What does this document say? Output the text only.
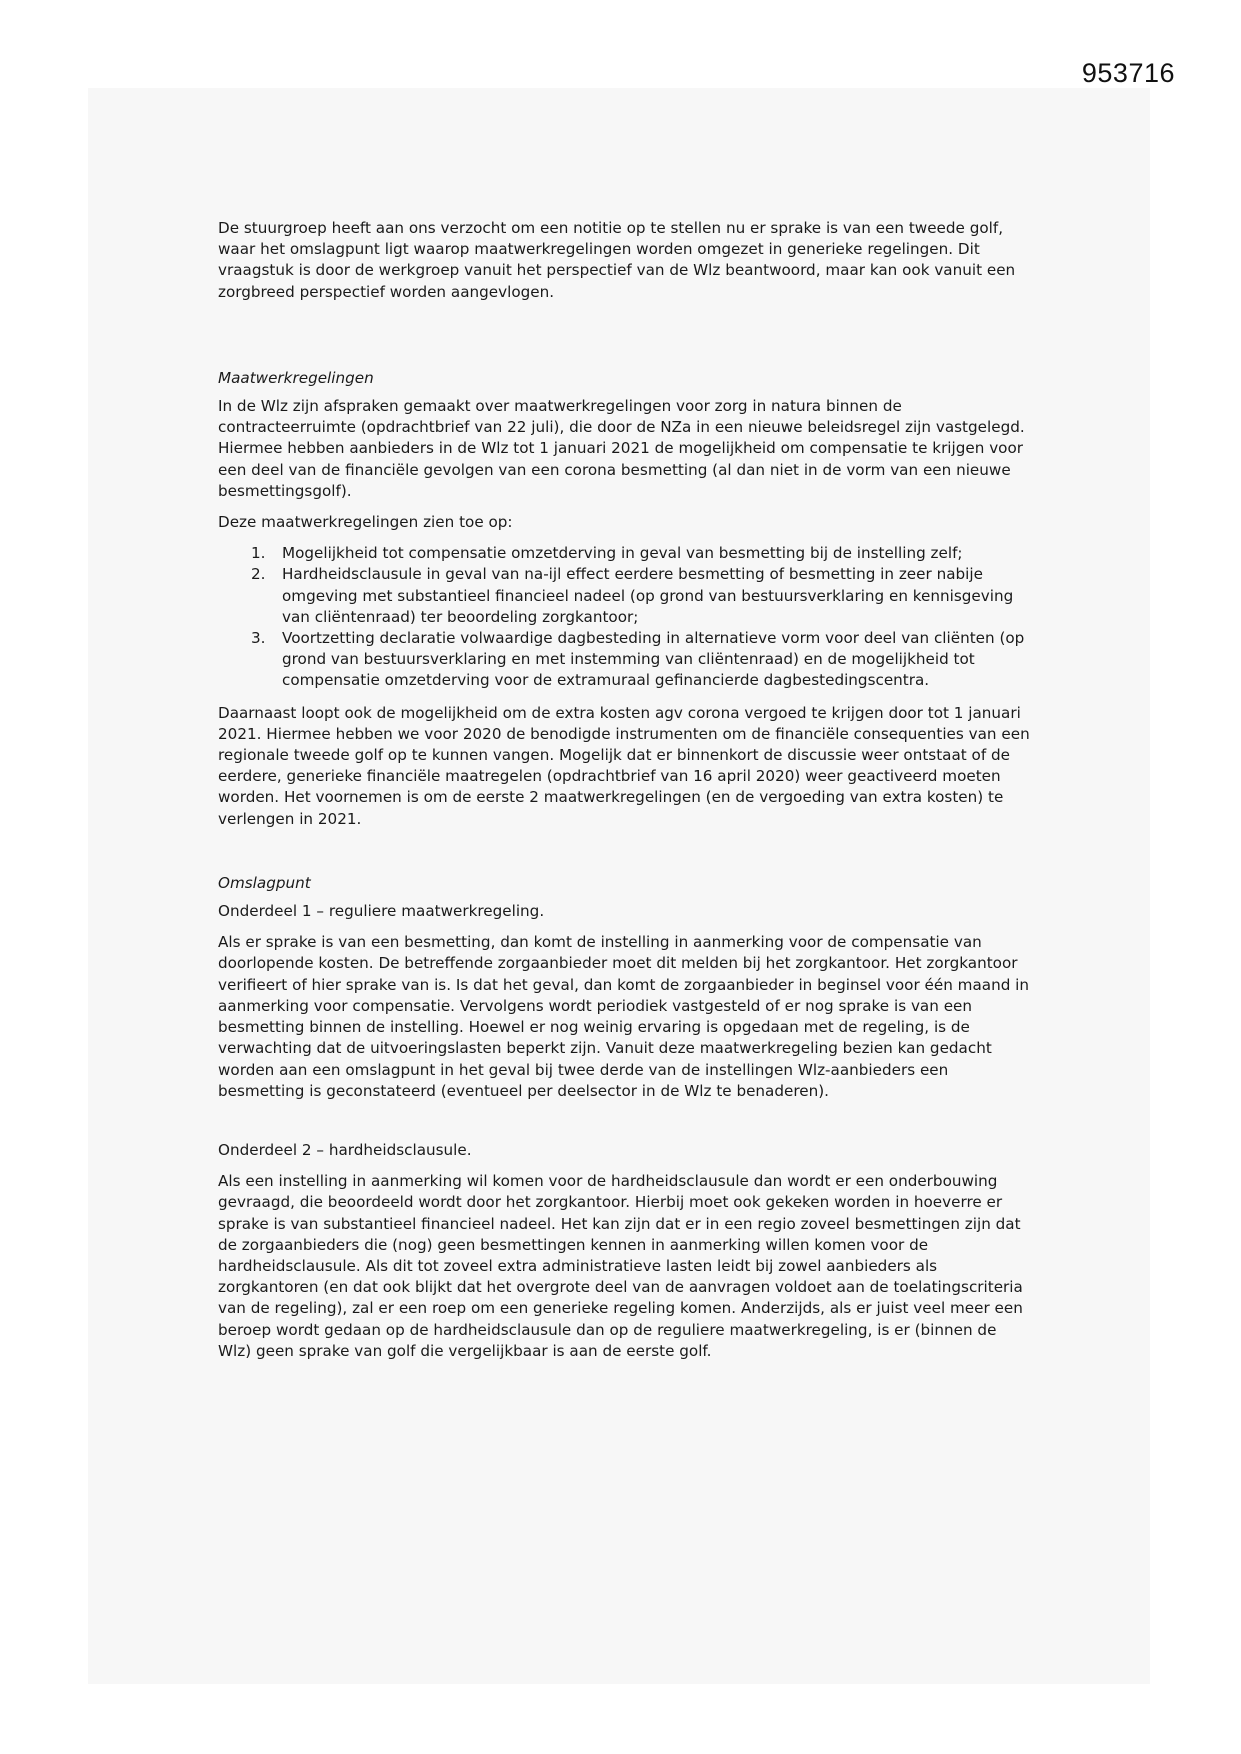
953716

De stuurgroep heeft aan ons verzocht om een notitie op te stellen nu er sprake is van een tweede golf, waar het omslagpunt ligt waarop maatwerkregelingen worden omgezet in generieke regelingen. Dit vraagstuk is door de werkgroep vanuit het perspectief van de Wlz beantwoord, maar kan ook vanuit een zorgbreed perspectief worden aangevlogen.

Maatwerkregelingen

In de Wlz zijn afspraken gemaakt over maatwerkregelingen voor zorg in natura binnen de contracteerruimte (opdrachtbrief van 22 juli), die door de NZa in een nieuwe beleidsregel zijn vastgelegd. Hiermee hebben aanbieders in de Wlz tot 1 januari 2021 de mogelijkheid om compensatie te krijgen voor een deel van de financiële gevolgen van een corona besmetting (al dan niet in de vorm van een nieuwe besmettingsgolf).

Deze maatwerkregelingen zien toe op:

1. Mogelijkheid tot compensatie omzetderving in geval van besmetting bij de instelling zelf;
2. Hardheidsclausule in geval van na-ijl effect eerdere besmetting of besmetting in zeer nabije omgeving met substantieel financieel nadeel (op grond van bestuursverklaring en kennisgeving van cliëntenraad) ter beoordeling zorgkantoor;
3. Voortzetting declaratie volwaardige dagbesteding in alternatieve vorm voor deel van cliënten (op grond van bestuursverklaring en met instemming van cliëntenraad) en de mogelijkheid tot compensatie omzetderving voor de extramuraal gefinancierde dagbestedingscentra.

Daarnaast loopt ook de mogelijkheid om de extra kosten agv corona vergoed te krijgen door tot 1 januari 2021. Hiermee hebben we voor 2020 de benodigde instrumenten om de financiële consequenties van een regionale tweede golf op te kunnen vangen. Mogelijk dat er binnenkort de discussie weer ontstaat of de eerdere, generieke financiële maatregelen (opdrachtbrief van 16 april 2020) weer geactiveerd moeten worden. Het voornemen is om de eerste 2 maatwerkregelingen (en de vergoeding van extra kosten) te verlengen in 2021.

Omslagpunt

Onderdeel 1 – reguliere maatwerkregeling.

Als er sprake is van een besmetting, dan komt de instelling in aanmerking voor de compensatie van doorlopende kosten. De betreffende zorgaanbieder moet dit melden bij het zorgkantoor. Het zorgkantoor verifieert of hier sprake van is. Is dat het geval, dan komt de zorgaanbieder in beginsel voor één maand in aanmerking voor compensatie. Vervolgens wordt periodiek vastgesteld of er nog sprake is van een besmetting binnen de instelling. Hoewel er nog weinig ervaring is opgedaan met de regeling, is de verwachting dat de uitvoeringslasten beperkt zijn. Vanuit deze maatwerkregeling bezien kan gedacht worden aan een omslagpunt in het geval bij twee derde van de instellingen Wlz-aanbieders een besmetting is geconstateerd (eventueel per deelsector in de Wlz te benaderen).

Onderdeel 2 – hardheidsclausule.

Als een instelling in aanmerking wil komen voor de hardheidsclausule dan wordt er een onderbouwing gevraagd, die beoordeeld wordt door het zorgkantoor. Hierbij moet ook gekeken worden in hoeverre er sprake is van substantieel financieel nadeel. Het kan zijn dat er in een regio zoveel besmettingen zijn dat de zorgaanbieders die (nog) geen besmettingen kennen in aanmerking willen komen voor de hardheidsclausule. Als dit tot zoveel extra administratieve lasten leidt bij zowel aanbieders als zorgkantoren (en dat ook blijkt dat het overgrote deel van de aanvragen voldoet aan de toelatingscriteria van de regeling), zal er een roep om een generieke regeling komen. Anderzijds, als er juist veel meer een beroep wordt gedaan op de hardheidsclausule dan op de reguliere maatwerkregeling, is er (binnen de Wlz) geen sprake van golf die vergelijkbaar is aan de eerste golf.
